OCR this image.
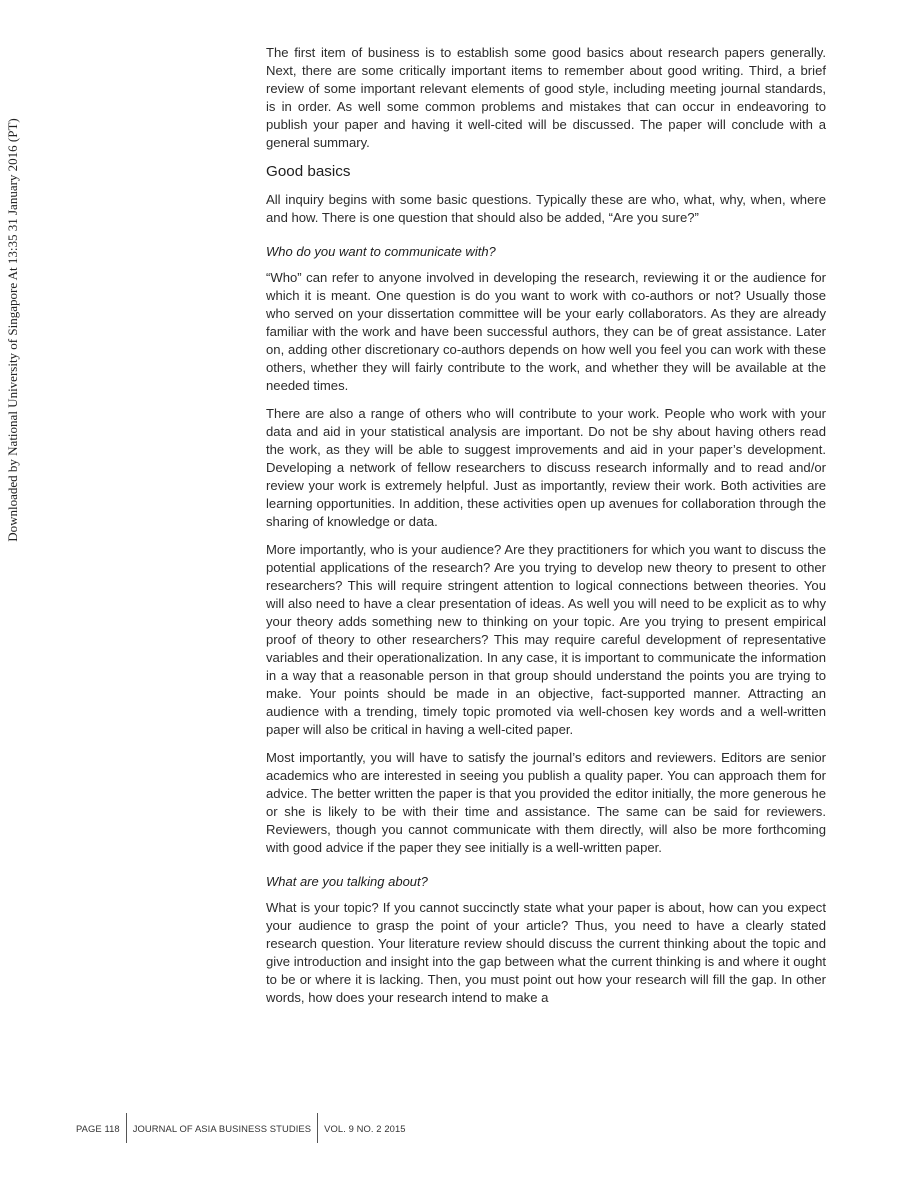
Downloaded by National University of Singapore At 13:35 31 January 2016 (PT)

The first item of business is to establish some good basics about research papers generally. Next, there are some critically important items to remember about good writing. Third, a brief review of some important relevant elements of good style, including meeting journal standards, is in order. As well some common problems and mistakes that can occur in endeavoring to publish your paper and having it well-cited will be discussed. The paper will conclude with a general summary.

Good basics

All inquiry begins with some basic questions. Typically these are who, what, why, when, where and how. There is one question that should also be added, “Are you sure?”

Who do you want to communicate with?

“Who” can refer to anyone involved in developing the research, reviewing it or the audience for which it is meant. One question is do you want to work with co-authors or not? Usually those who served on your dissertation committee will be your early collaborators. As they are already familiar with the work and have been successful authors, they can be of great assistance. Later on, adding other discretionary co-authors depends on how well you feel you can work with these others, whether they will fairly contribute to the work, and whether they will be available at the needed times.

There are also a range of others who will contribute to your work. People who work with your data and aid in your statistical analysis are important. Do not be shy about having others read the work, as they will be able to suggest improvements and aid in your paper’s development. Developing a network of fellow researchers to discuss research informally and to read and/or review your work is extremely helpful. Just as importantly, review their work. Both activities are learning opportunities. In addition, these activities open up avenues for collaboration through the sharing of knowledge or data.

More importantly, who is your audience? Are they practitioners for which you want to discuss the potential applications of the research? Are you trying to develop new theory to present to other researchers? This will require stringent attention to logical connections between theories. You will also need to have a clear presentation of ideas. As well you will need to be explicit as to why your theory adds something new to thinking on your topic. Are you trying to present empirical proof of theory to other researchers? This may require careful development of representative variables and their operationalization. In any case, it is important to communicate the information in a way that a reasonable person in that group should understand the points you are trying to make. Your points should be made in an objective, fact-supported manner. Attracting an audience with a trending, timely topic promoted via well-chosen key words and a well-written paper will also be critical in having a well-cited paper.

Most importantly, you will have to satisfy the journal’s editors and reviewers. Editors are senior academics who are interested in seeing you publish a quality paper. You can approach them for advice. The better written the paper is that you provided the editor initially, the more generous he or she is likely to be with their time and assistance. The same can be said for reviewers. Reviewers, though you cannot communicate with them directly, will also be more forthcoming with good advice if the paper they see initially is a well-written paper.

What are you talking about?

What is your topic? If you cannot succinctly state what your paper is about, how can you expect your audience to grasp the point of your article? Thus, you need to have a clearly stated research question. Your literature review should discuss the current thinking about the topic and give introduction and insight into the gap between what the current thinking is and where it ought to be or where it is lacking. Then, you must point out how your research will fill the gap. In other words, how does your research intend to make a

PAGE 118 JOURNAL OF ASIA BUSINESS STUDIES VOL. 9 NO. 2 2015
